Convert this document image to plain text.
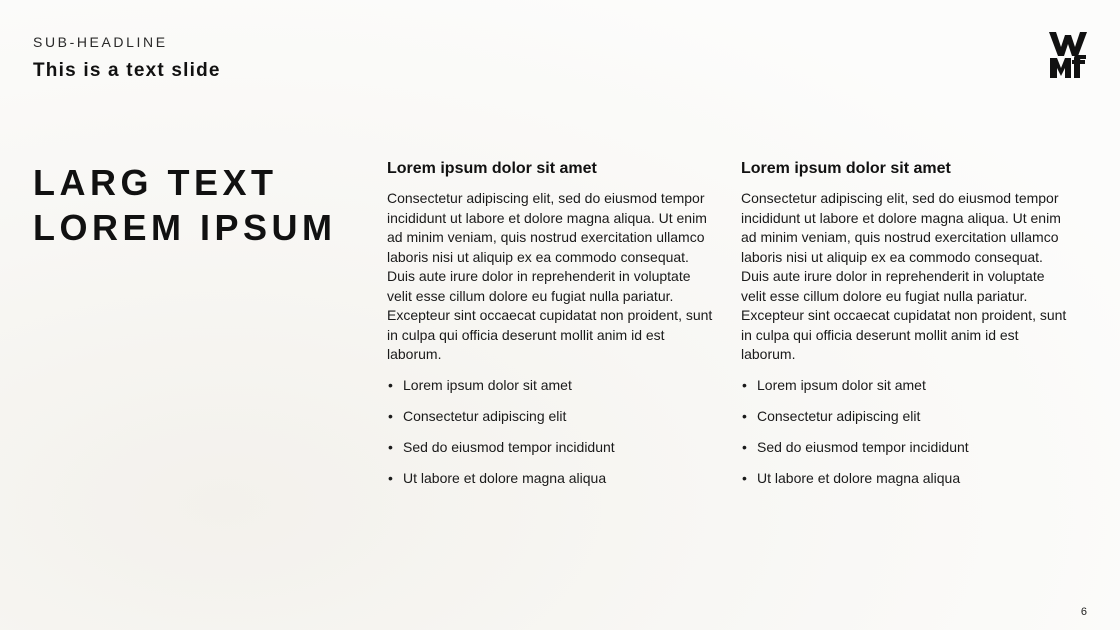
SUB-HEADLINE
This is a text slide
LARG TEXT
LOREM IPSUM
Lorem ipsum dolor sit amet

Consectetur adipiscing elit, sed do eiusmod tempor incididunt ut labore et dolore magna aliqua. Ut enim ad minim veniam, quis nostrud exercitation ullamco laboris nisi ut aliquip ex ea commodo consequat. Duis aute irure dolor in reprehenderit in voluptate velit esse cillum dolore eu fugiat nulla pariatur. Excepteur sint occaecat cupidatat non proident, sunt in culpa qui officia deserunt mollit anim id est laborum.

• Lorem ipsum dolor sit amet
• Consectetur adipiscing elit
• Sed do eiusmod tempor incididunt
• Ut labore et dolore magna aliqua
Lorem ipsum dolor sit amet

Consectetur adipiscing elit, sed do eiusmod tempor incididunt ut labore et dolore magna aliqua. Ut enim ad minim veniam, quis nostrud exercitation ullamco laboris nisi ut aliquip ex ea commodo consequat. Duis aute irure dolor in reprehenderit in voluptate velit esse cillum dolore eu fugiat nulla pariatur. Excepteur sint occaecat cupidatat non proident, sunt in culpa qui officia deserunt mollit anim id est laborum.

• Lorem ipsum dolor sit amet
• Consectetur adipiscing elit
• Sed do eiusmod tempor incididunt
• Ut labore et dolore magna aliqua
6
